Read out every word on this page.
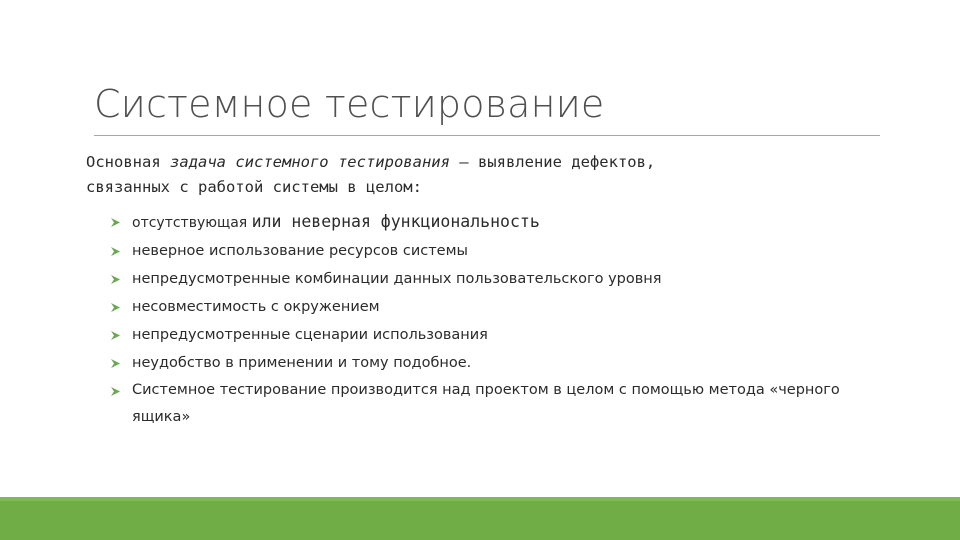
Системное тестирование
Основная задача системного тестирования – выявление дефектов,
связанных с работой системы в целом:
отсутствующая или неверная функциональность
неверное использование ресурсов системы
непредусмотренные комбинации данных пользовательского уровня
несовместимость с окружением
непредусмотренные сценарии использования
неудобство в применении и тому подобное.
Системное тестирование производится над проектом в целом с помощью метода «черного ящика»
